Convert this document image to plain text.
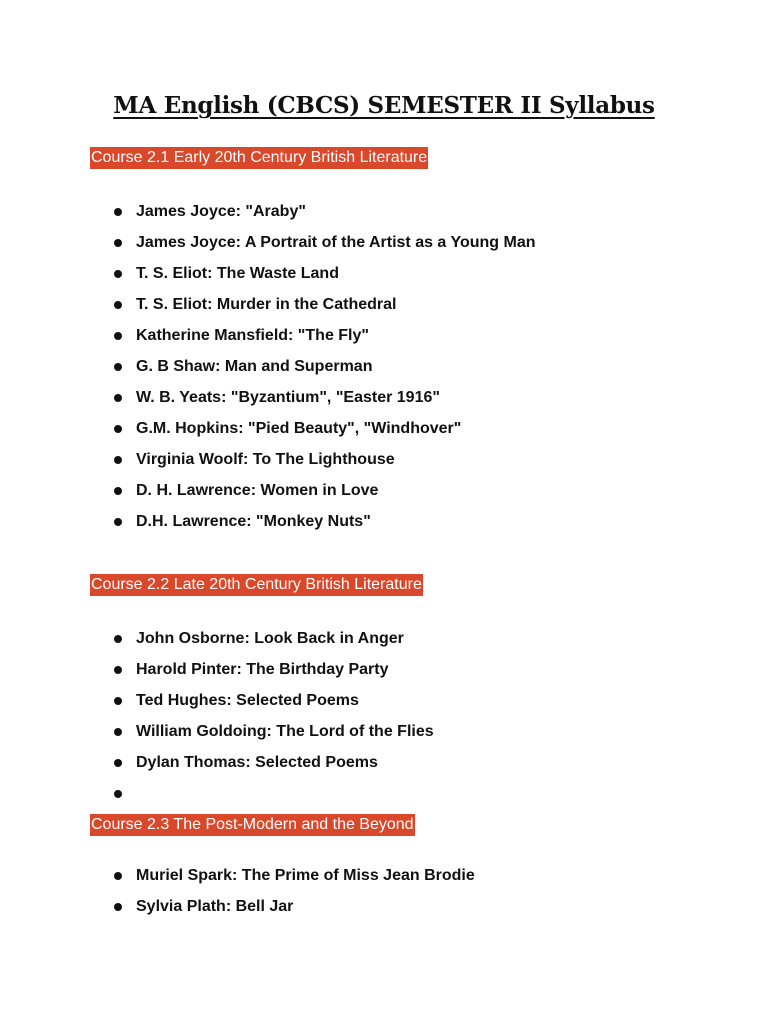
MA English (CBCS) SEMESTER II Syllabus
Course 2.1 Early 20th Century British Literature
James Joyce: "Araby"
James Joyce: A Portrait of the Artist as a Young Man
T. S. Eliot: The Waste Land
T. S. Eliot: Murder in the Cathedral
Katherine Mansfield: "The Fly"
G. B Shaw: Man and Superman
W. B. Yeats: "Byzantium", "Easter 1916"
G.M. Hopkins: "Pied Beauty", "Windhover"
Virginia Woolf: To The Lighthouse
D. H. Lawrence: Women in Love
D.H. Lawrence: "Monkey Nuts"
Course 2.2 Late 20th Century British Literature
John Osborne: Look Back in Anger
Harold Pinter: The Birthday Party
Ted Hughes: Selected Poems
William Goldoing: The Lord of the Flies
Dylan Thomas: Selected Poems
Course 2.3 The Post-Modern and the Beyond
Muriel Spark: The Prime of Miss Jean Brodie
Sylvia Plath: Bell Jar
